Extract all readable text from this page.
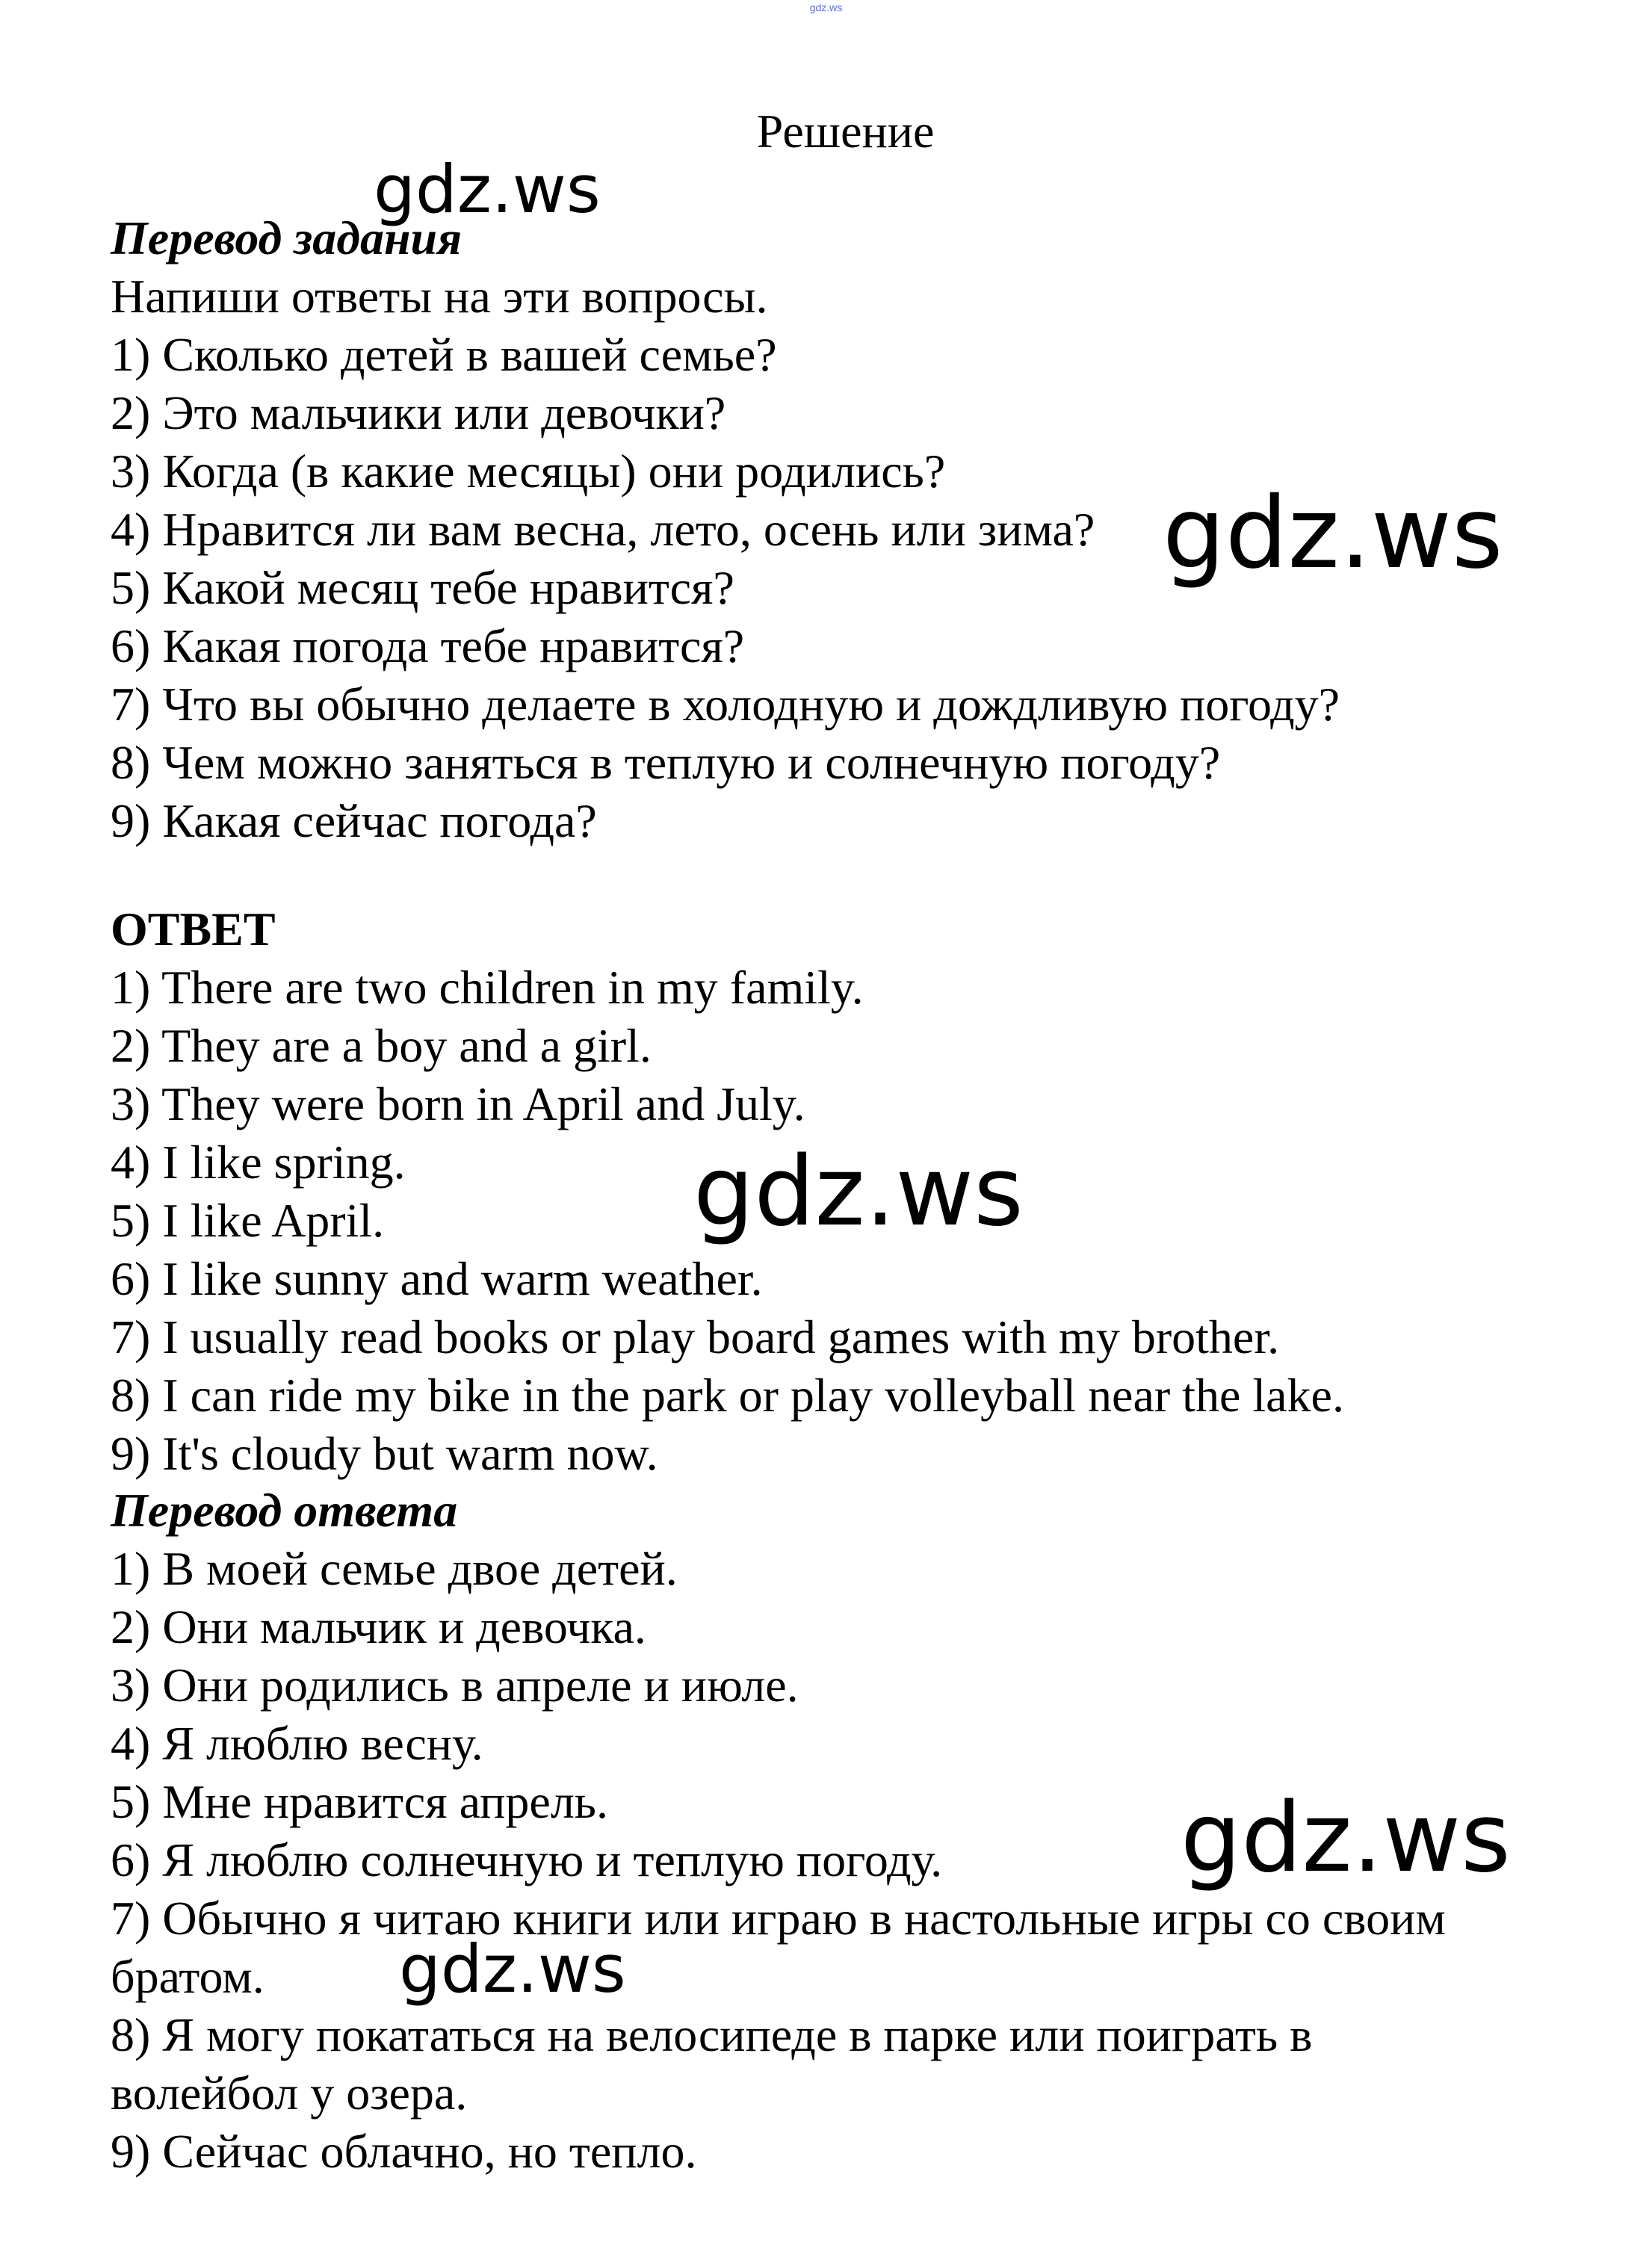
gdz.ws
Решение
Перевод задания
Напиши ответы на эти вопросы.
1) Сколько детей в вашей семье?
2) Это мальчики или девочки?
3) Когда (в какие месяцы) они родились?
4) Нравится ли вам весна, лето, осень или зима?
5) Какой месяц тебе нравится?
6) Какая погода тебе нравится?
7) Что вы обычно делаете в холодную и дождливую погоду?
8) Чем можно заняться в теплую и солнечную погоду?
9) Какая сейчас погода?
ОТВЕТ
1) There are two children in my family.
2) They are a boy and a girl.
3) They were born in April and July.
4) I like spring.
5) I like April.
6) I like sunny and warm weather.
7) I usually read books or play board games with my brother.
8) I can ride my bike in the park or play volleyball near the lake.
9) It's cloudy but warm now.
Перевод ответа
1) В моей семье двое детей.
2) Они мальчик и девочка.
3) Они родились в апреле и июле.
4) Я люблю весну.
5) Мне нравится апрель.
6) Я люблю солнечную и теплую погоду.
7) Обычно я читаю книги или играю в настольные игры со своим
братом.
8) Я могу покататься на велосипеде в парке или поиграть в
волейбол у озера.
9) Сейчас облачно, но тепло.
gdz.ws
gdz.ws
gdz.ws
gdz.ws
gdz.ws
